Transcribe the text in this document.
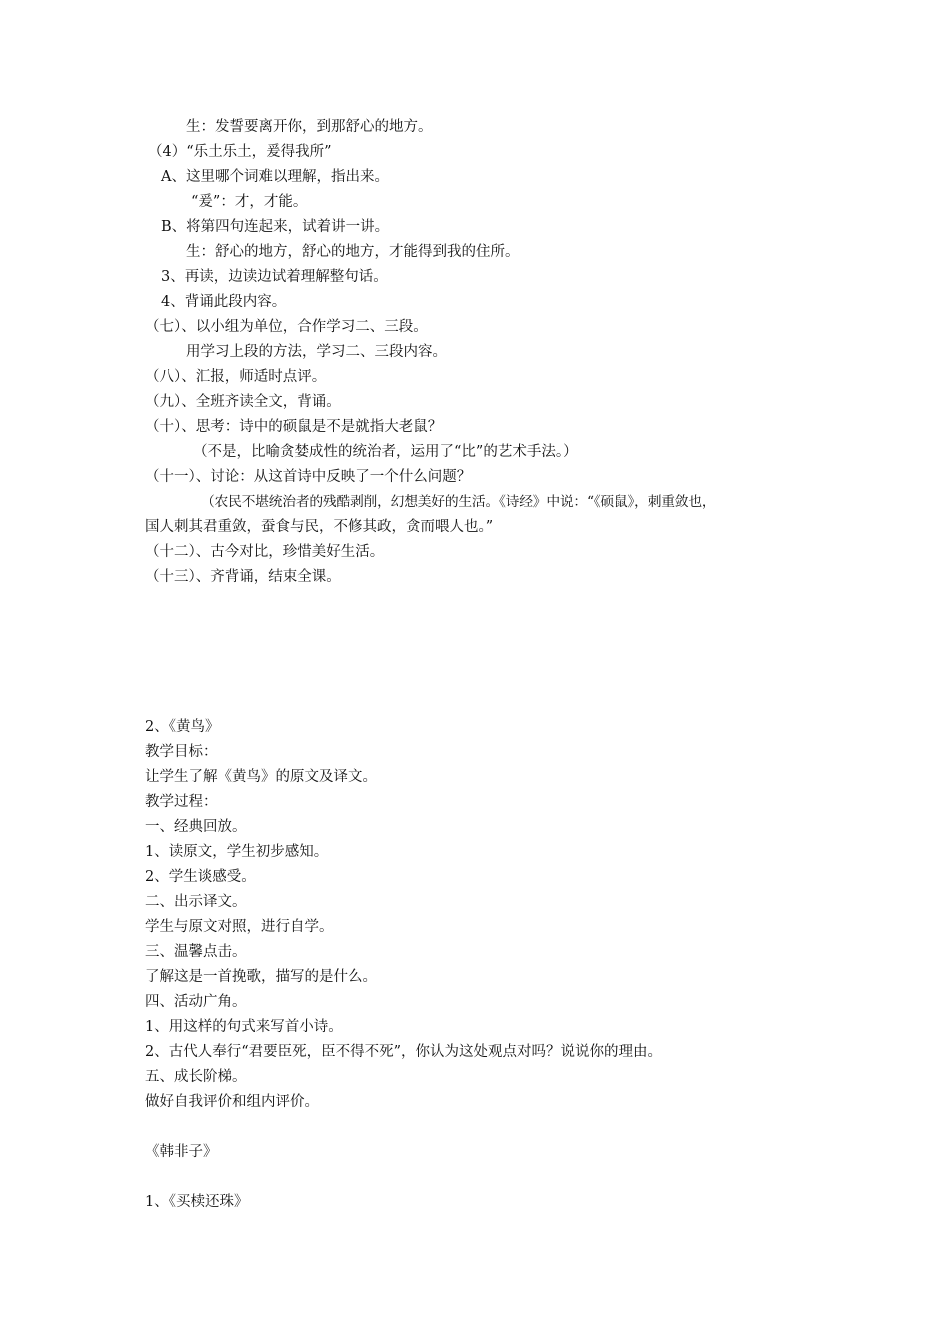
生：发誓要离开你，到那舒心的地方。
（4）“乐土乐土，爰得我所”
A、这里哪个词难以理解，指出来。
“爰”：才，才能。
B、将第四句连起来，试着讲一讲。
生：舒心的地方，舒心的地方，才能得到我的住所。
3、再读，边读边试着理解整句话。
4、背诵此段内容。
（七）、以小组为单位，合作学习二、三段。
用学习上段的方法，学习二、三段内容。
（八）、汇报，师适时点评。
（九）、全班齐读全文，背诵。
（十）、思考：诗中的硕鼠是不是就指大老鼠？
（不是，比喻贪婪成性的统治者，运用了“比”的艺术手法。）
（十一）、讨论：从这首诗中反映了一个什么问题？
（农民不堪统治者的残酷剥削，幻想美好的生活。《诗经》中说：“《硕鼠》，刺重敛也，
国人刺其君重敛，蚕食与民，不修其政，贪而喂人也。”
（十二）、古今对比，珍惜美好生活。
（十三）、齐背诵，结束全课。
2、《黄鸟》
教学目标：
让学生了解《黄鸟》的原文及译文。
教学过程：
一、经典回放。
1、读原文，学生初步感知。
2、学生谈感受。
二、出示译文。
学生与原文对照，进行自学。
三、温馨点击。
了解这是一首挽歌，描写的是什么。
四、活动广角。
1、用这样的句式来写首小诗。
2、古代人奉行“君要臣死，臣不得不死”，你认为这处观点对吗？说说你的理由。
五、成长阶梯。
做好自我评价和组内评价。
《韩非子》
1、《买椟还珠》
